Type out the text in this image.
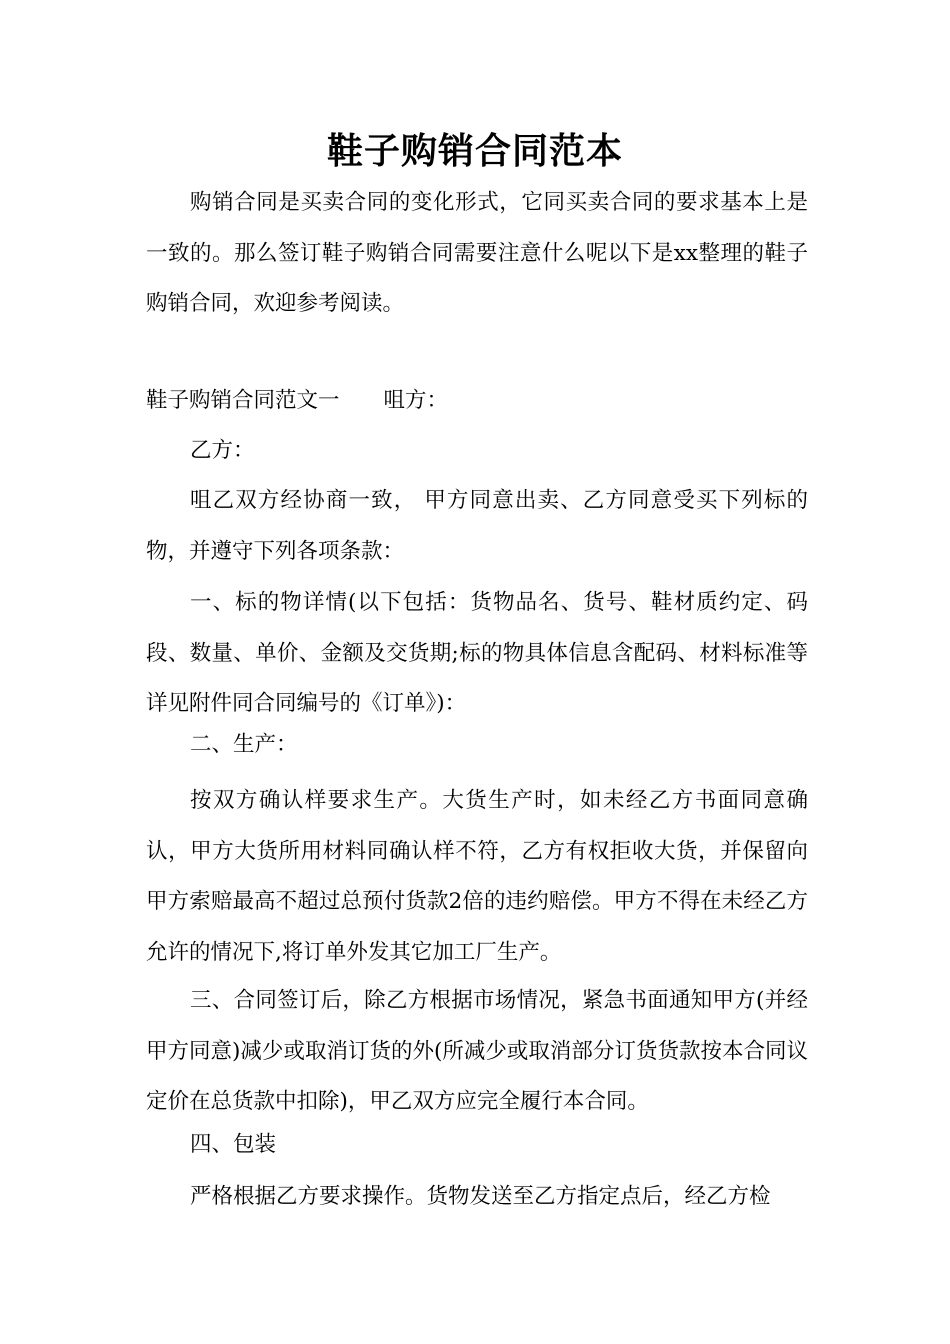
鞋子购销合同范本

购销合同是买卖合同的变化形式，它同买卖合同的要求基本上是一致的。那么签订鞋子购销合同需要注意什么呢以下是xx整理的鞋子购销合同，欢迎参考阅读。

鞋子购销合同范文一 咀方：

乙方：

咀乙双方经协商一致， 甲方同意出卖、乙方同意受买下列标的物，并遵守下列各项条款：

一、标的物详情(以下包括：货物品名、货号、鞋材质约定、码段、数量、单价、金额及交货期;标的物具体信息含配码、材料标准等详见附件同合同编号的《订单》)：

二、生产：

按双方确认样要求生产。大货生产时，如未经乙方书面同意确认，甲方大货所用材料同确认样不符，乙方有权拒收大货，并保留向甲方索赔最高不超过总预付货款2倍的违约赔偿。甲方不得在未经乙方允许的情况下,将订单外发其它加工厂生产。

三、合同签订后，除乙方根据市场情况，紧急书面通知甲方(并经甲方同意)减少或取消订货的外(所减少或取消部分订货货款按本合同议定价在总货款中扣除)，甲乙双方应完全履行本合同。

四、包装

严格根据乙方要求操作。货物发送至乙方指定点后，经乙方检
